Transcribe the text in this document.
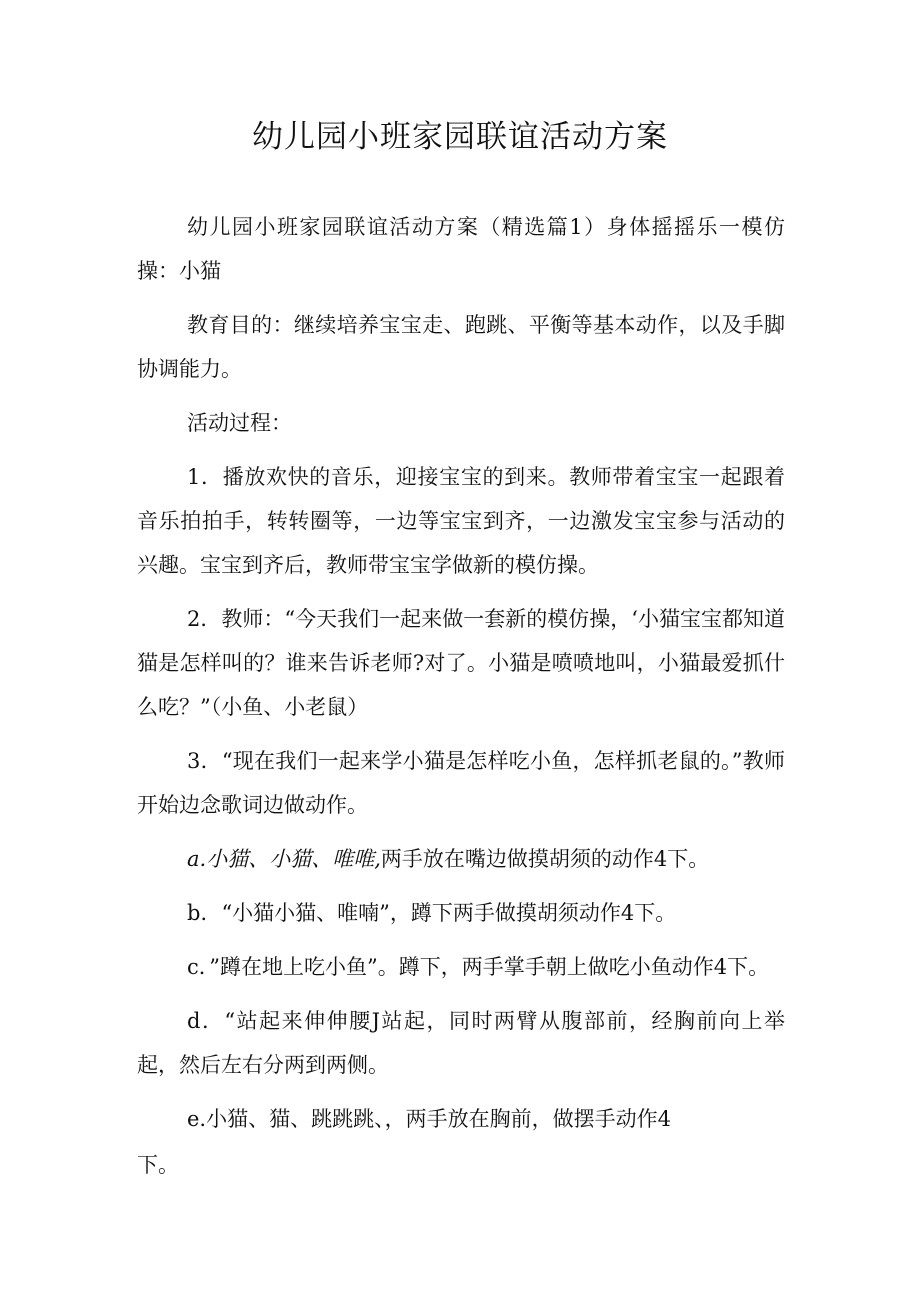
幼儿园小班家园联谊活动方案

幼儿园小班家园联谊活动方案（精选篇1）身体摇摇乐一模仿操：小猫

教育目的：继续培养宝宝走、跑跳、平衡等基本动作，以及手脚协调能力。

活动过程：

1．播放欢快的音乐，迎接宝宝的到来。教师带着宝宝一起跟着音乐拍拍手，转转圈等，一边等宝宝到齐，一边激发宝宝参与活动的兴趣。宝宝到齐后，教师带宝宝学做新的模仿操。

2．教师：“今天我们一起来做一套新的模仿操，‘小猫宝宝都知道猫是怎样叫的？谁来告诉老师?对了。小猫是喷喷地叫，小猫最爱抓什么吃？”（小鱼、小老鼠）

3．“现在我们一起来学小猫是怎样吃小鱼，怎样抓老鼠的。”教师开始边念歌词边做动作。

a.小猫、小猫、唯唯,两手放在嘴边做摸胡须的动作4下。

b．“小猫小猫、唯喃”，蹲下两手做摸胡须动作4下。

c．”蹲在地上吃小鱼”。蹲下，两手掌手朝上做吃小鱼动作4下。

d．“站起来伸伸腰J站起，同时两臂从腹部前，经胸前向上举起，然后左右分两到两侧。

e.小猫、猫、跳跳跳、，两手放在胸前，做摆手动作4

下。
